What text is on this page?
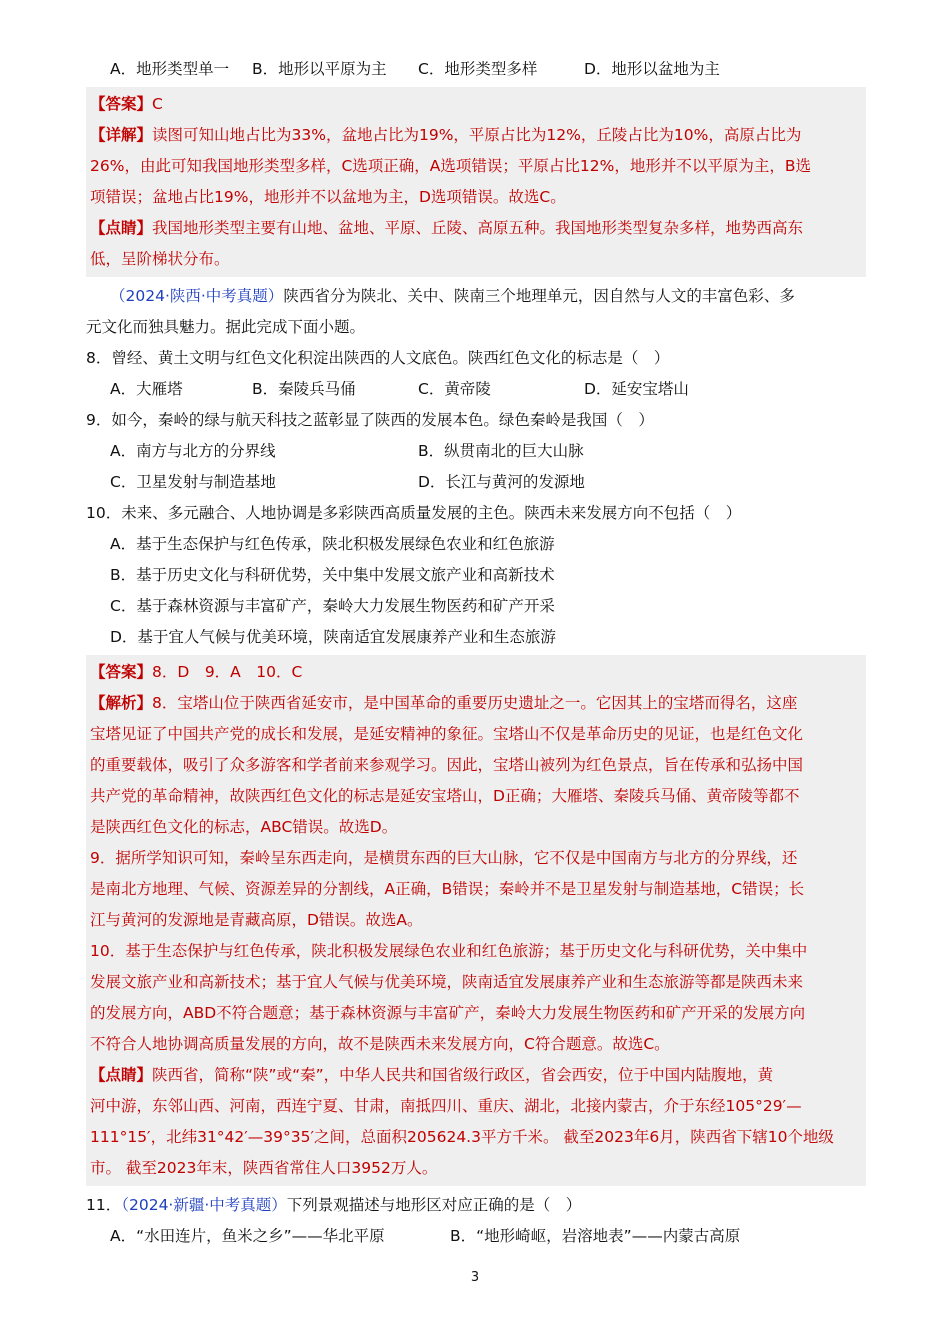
A．地形类型单一	B．地形以平原为主	C．地形类型多样	D．地形以盆地为主

【答案】C

【详解】读图可知山地占比为33%，盆地占比为19%，平原占比为12%，丘陵占比为10%，高原占比为

26%，由此可知我国地形类型多样，C选项正确，A选项错误；平原占比12%，地形并不以平原为主，B选

项错误；盆地占比19%，地形并不以盆地为主，D选项错误。故选C。

【点睛】我国地形类型主要有山地、盆地、平原、丘陵、高原五种。我国地形类型复杂多样，地势西高东

低，呈阶梯状分布。

（2024·陕西·中考真题）陕西省分为陕北、关中、陕南三个地理单元，因自然与人文的丰富色彩、多
元文化而独具魅力。据此完成下面小题。
8．曾经、黄土文明与红色文化积淀出陕西的人文底色。陕西红色文化的标志是（　）
A．大雁塔	B．秦陵兵马俑	C．黄帝陵	D．延安宝塔山
9．如今，秦岭的绿与航天科技之蓝彰显了陕西的发展本色。绿色秦岭是我国（　）
A．南方与北方的分界线	B．纵贯南北的巨大山脉
C．卫星发射与制造基地	D．长江与黄河的发源地
10．未来、多元融合、人地协调是多彩陕西高质量发展的主色。陕西未来发展方向不包括（　）
A．基于生态保护与红色传承，陕北积极发展绿色农业和红色旅游
B．基于历史文化与科研优势，关中集中发展文旅产业和高新技术
C．基于森林资源与丰富矿产，秦岭大力发展生物医药和矿产开采
D．基于宜人气候与优美环境，陕南适宜发展康养产业和生态旅游

【答案】8．D　9．A　10．C

【解析】8．宝塔山位于陕西省延安市，是中国革命的重要历史遗址之一。它因其上的宝塔而得名，这座

宝塔见证了中国共产党的成长和发展，是延安精神的象征。宝塔山不仅是革命历史的见证，也是红色文化

的重要载体，吸引了众多游客和学者前来参观学习。因此，宝塔山被列为红色景点，旨在传承和弘扬中国

共产党的革命精神，故陕西红色文化的标志是延安宝塔山，D正确；大雁塔、秦陵兵马俑、黄帝陵等都不

是陕西红色文化的标志，ABC错误。故选D。

9．据所学知识可知，秦岭呈东西走向，是横贯东西的巨大山脉，它不仅是中国南方与北方的分界线，还

是南北方地理、气候、资源差异的分割线，A正确，B错误；秦岭并不是卫星发射与制造基地，C错误；长

江与黄河的发源地是青藏高原，D错误。故选A。

10．基于生态保护与红色传承，陕北积极发展绿色农业和红色旅游；基于历史文化与科研优势，关中集中

发展文旅产业和高新技术；基于宜人气候与优美环境，陕南适宜发展康养产业和生态旅游等都是陕西未来

的发展方向，ABD不符合题意；基于森林资源与丰富矿产，秦岭大力发展生物医药和矿产开采的发展方向

不符合人地协调高质量发展的方向，故不是陕西未来发展方向，C符合题意。故选C。

【点睛】陕西省，简称“陕”或“秦”，中华人民共和国省级行政区，省会西安，位于中国内陆腹地，黄

河中游，东邻山西、河南，西连宁夏、甘肃，南抵四川、重庆、湖北，北接内蒙古，介于东经105°29′—

111°15′，北纬31°42′—39°35′之间，总面积205624.3平方千米。 截至2023年6月，陕西省下辖10个地级

市。 截至2023年末，陕西省常住人口3952万人。

11．（2024·新疆·中考真题）下列景观描述与地形区对应正确的是（　）
A．“水田连片，鱼米之乡”——华北平原	B．“地形崎岖，岩溶地表”——内蒙古高原
3
